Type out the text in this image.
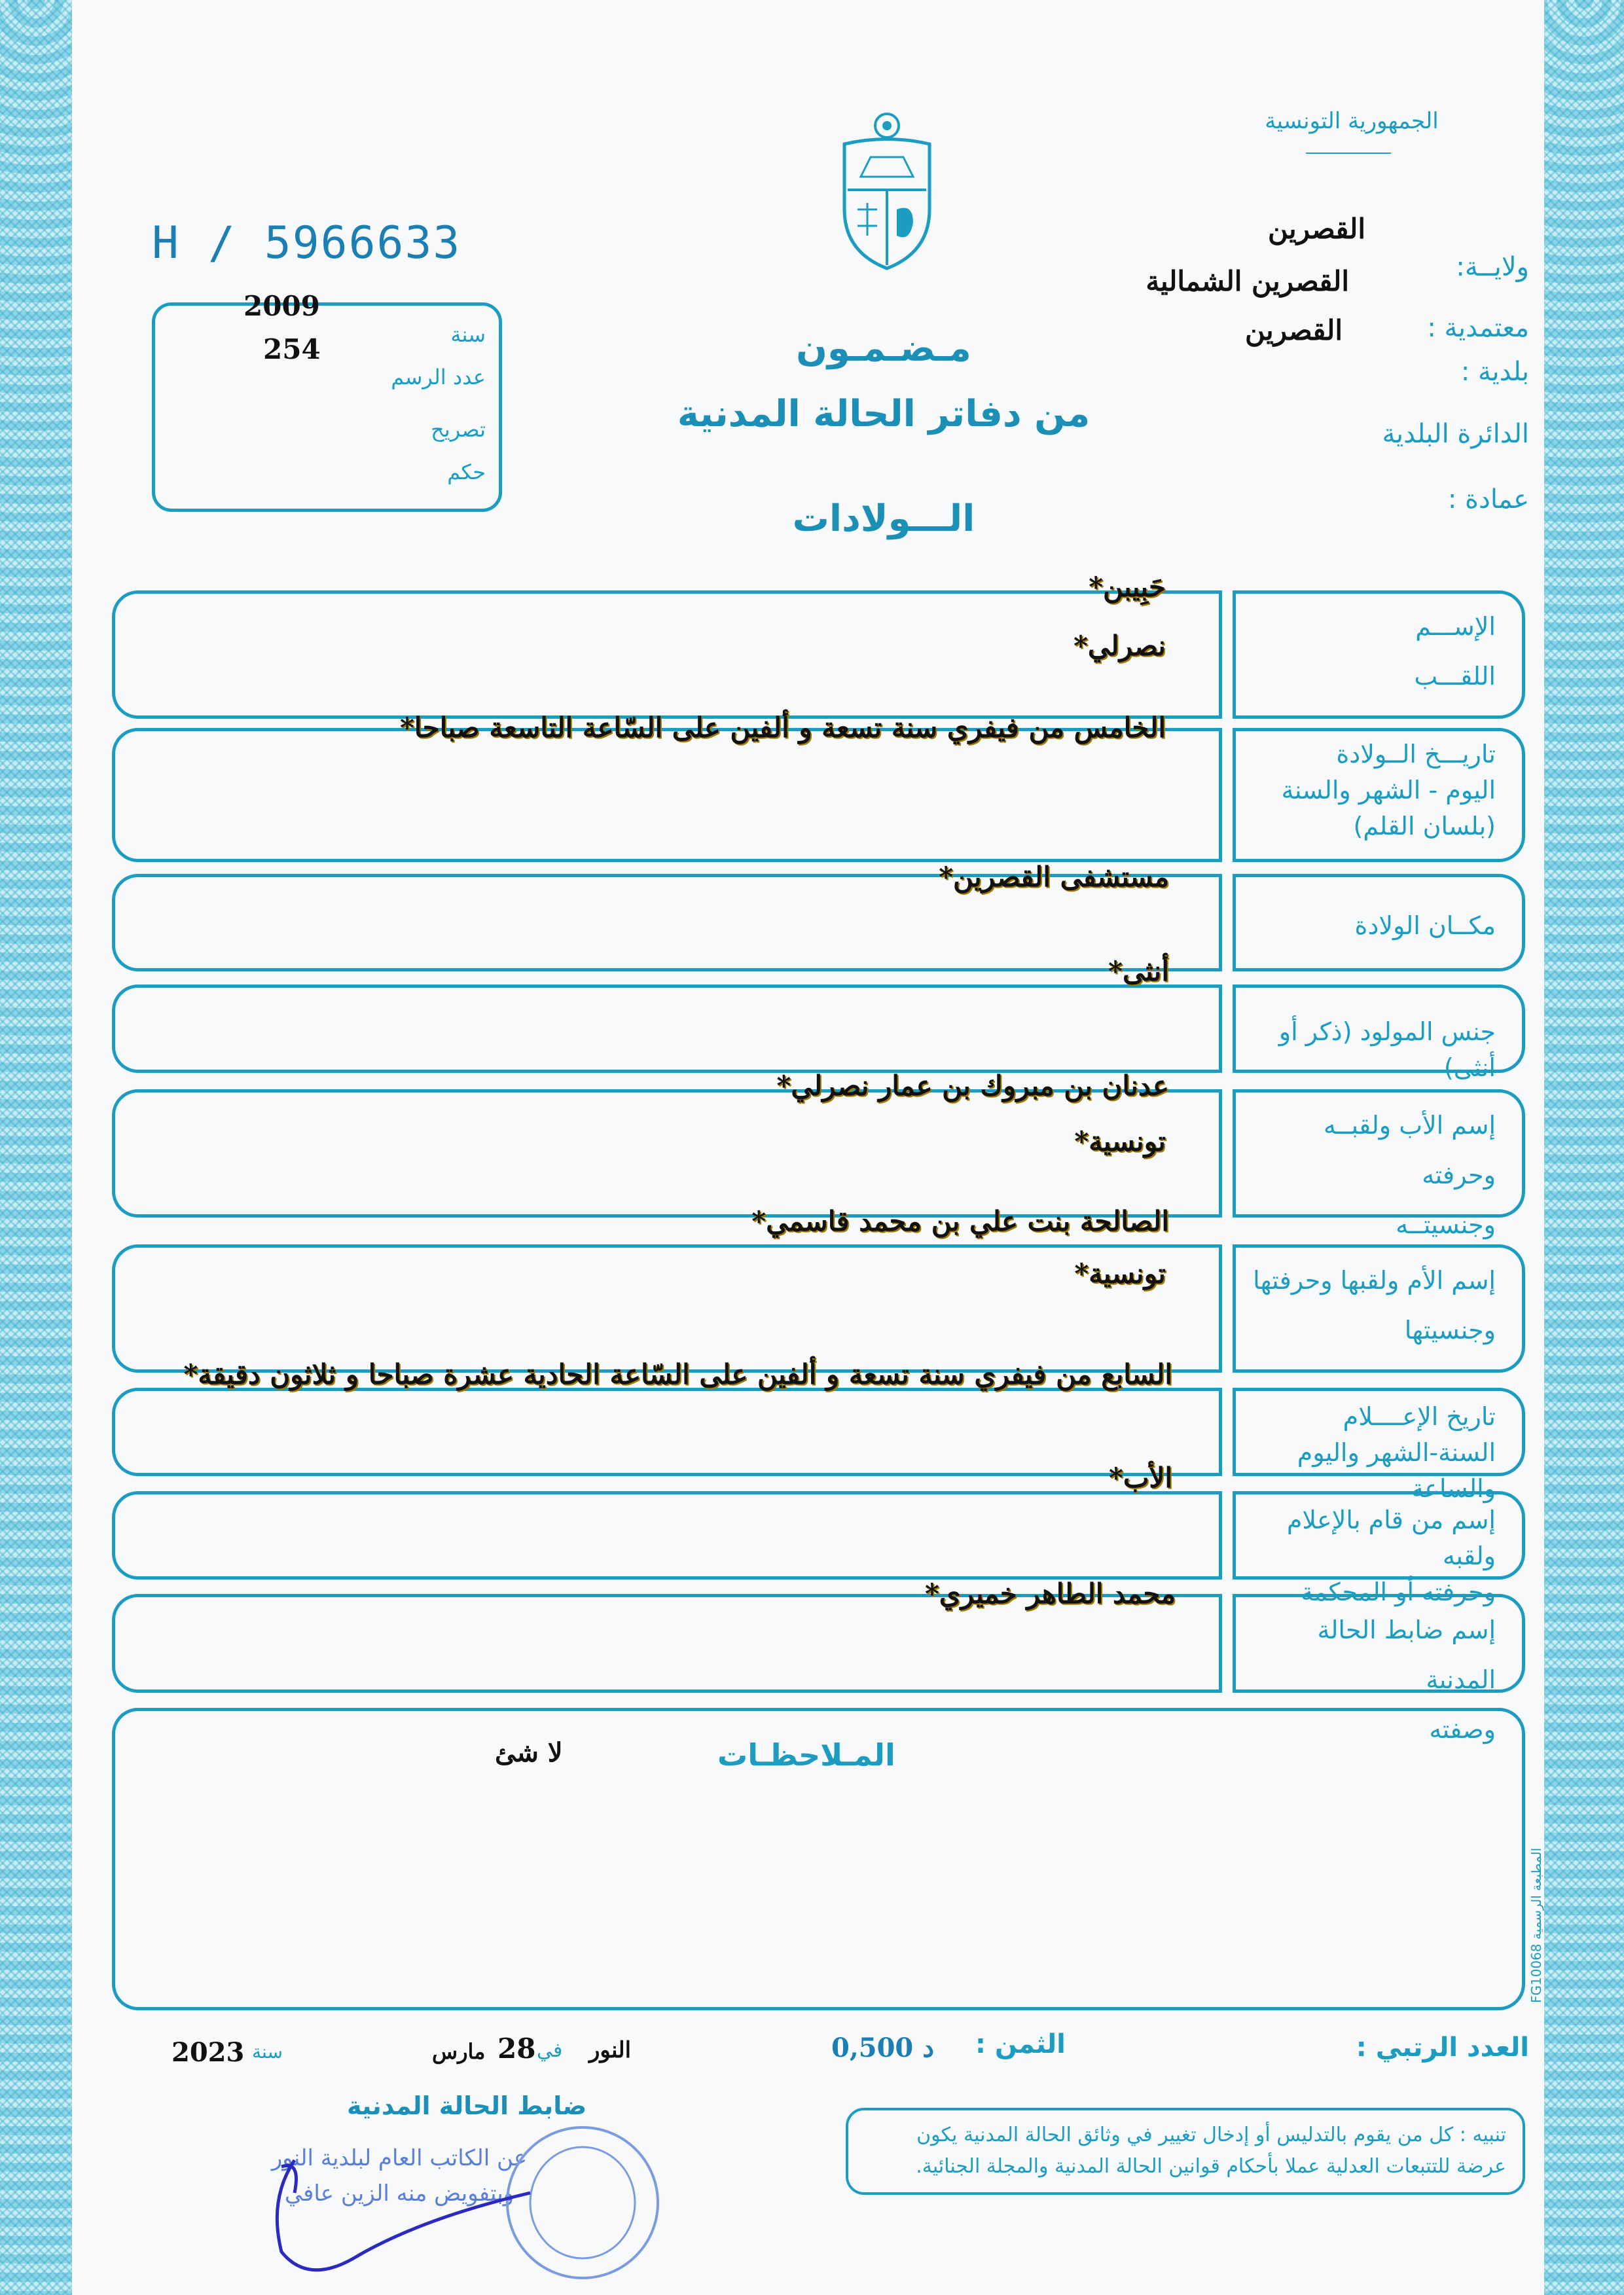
الجمهورية التونسية
H / 5966633
2009
سنة
254
عدد الرسم
تصريح
حكم
القصرين
ولايــة:
القصرين الشمالية
معتمدية :
القصرين
بلدية :
الدائرة البلدية
عمادة :
مـضـمـون
من دفاتر الحالة المدنية
الـــولادات
الإســـم
اللقـــب
حَبِيبن*
نصرلي*
تاريـــخ الــولادة
اليوم - الشهر والسنة
(بلسان القلم)
الخامس من فيفري سنة تسعة و ألفين على السّاعة التاسعة صباحا*
مكــان الولادة
مستشفى القصرين*
جنس المولود (ذكر أو أنثى)
أنثى*
إسم الأب ولقبــه وحرفته
وجنسيتــه
عدنان بن مبروك بن عمار نصرلي*
تونسية*
إسم الأم ولقبها وحرفتها
وجنسيتها
الصالحة بنت علي بن محمد قاسمي*
تونسية*
تاريخ الإعــــلام
السنة-الشهر واليوم والساعة
السابع من فيفري سنة تسعة و ألفين على السّاعة الحادية عشرة صباحا و ثلاثون دقيقة*
إسم من قام بالإعلام ولقبه
وحرفته أو المحكمة
الأب*
إسم ضابط الحالة المدنية
وصفته
محمد الطاهر خميري*
المـلاحظـات
لا شئ
المطبعة الرسمية FG10068
العدد الرتبي :
الثمن :
0,500 د
النور
في
28
مارس
سنة
2023
ضابط الحالة المدنية
عن الكاتب العام لبلدية النور وبتفويض منه الزين عافي
تنبيه : كل من يقوم بالتدليس أو إدخال تغيير في وثائق الحالة المدنية يكون عرضة للتتبعات العدلية عملا بأحكام قوانين الحالة المدنية والمجلة الجنائية.
